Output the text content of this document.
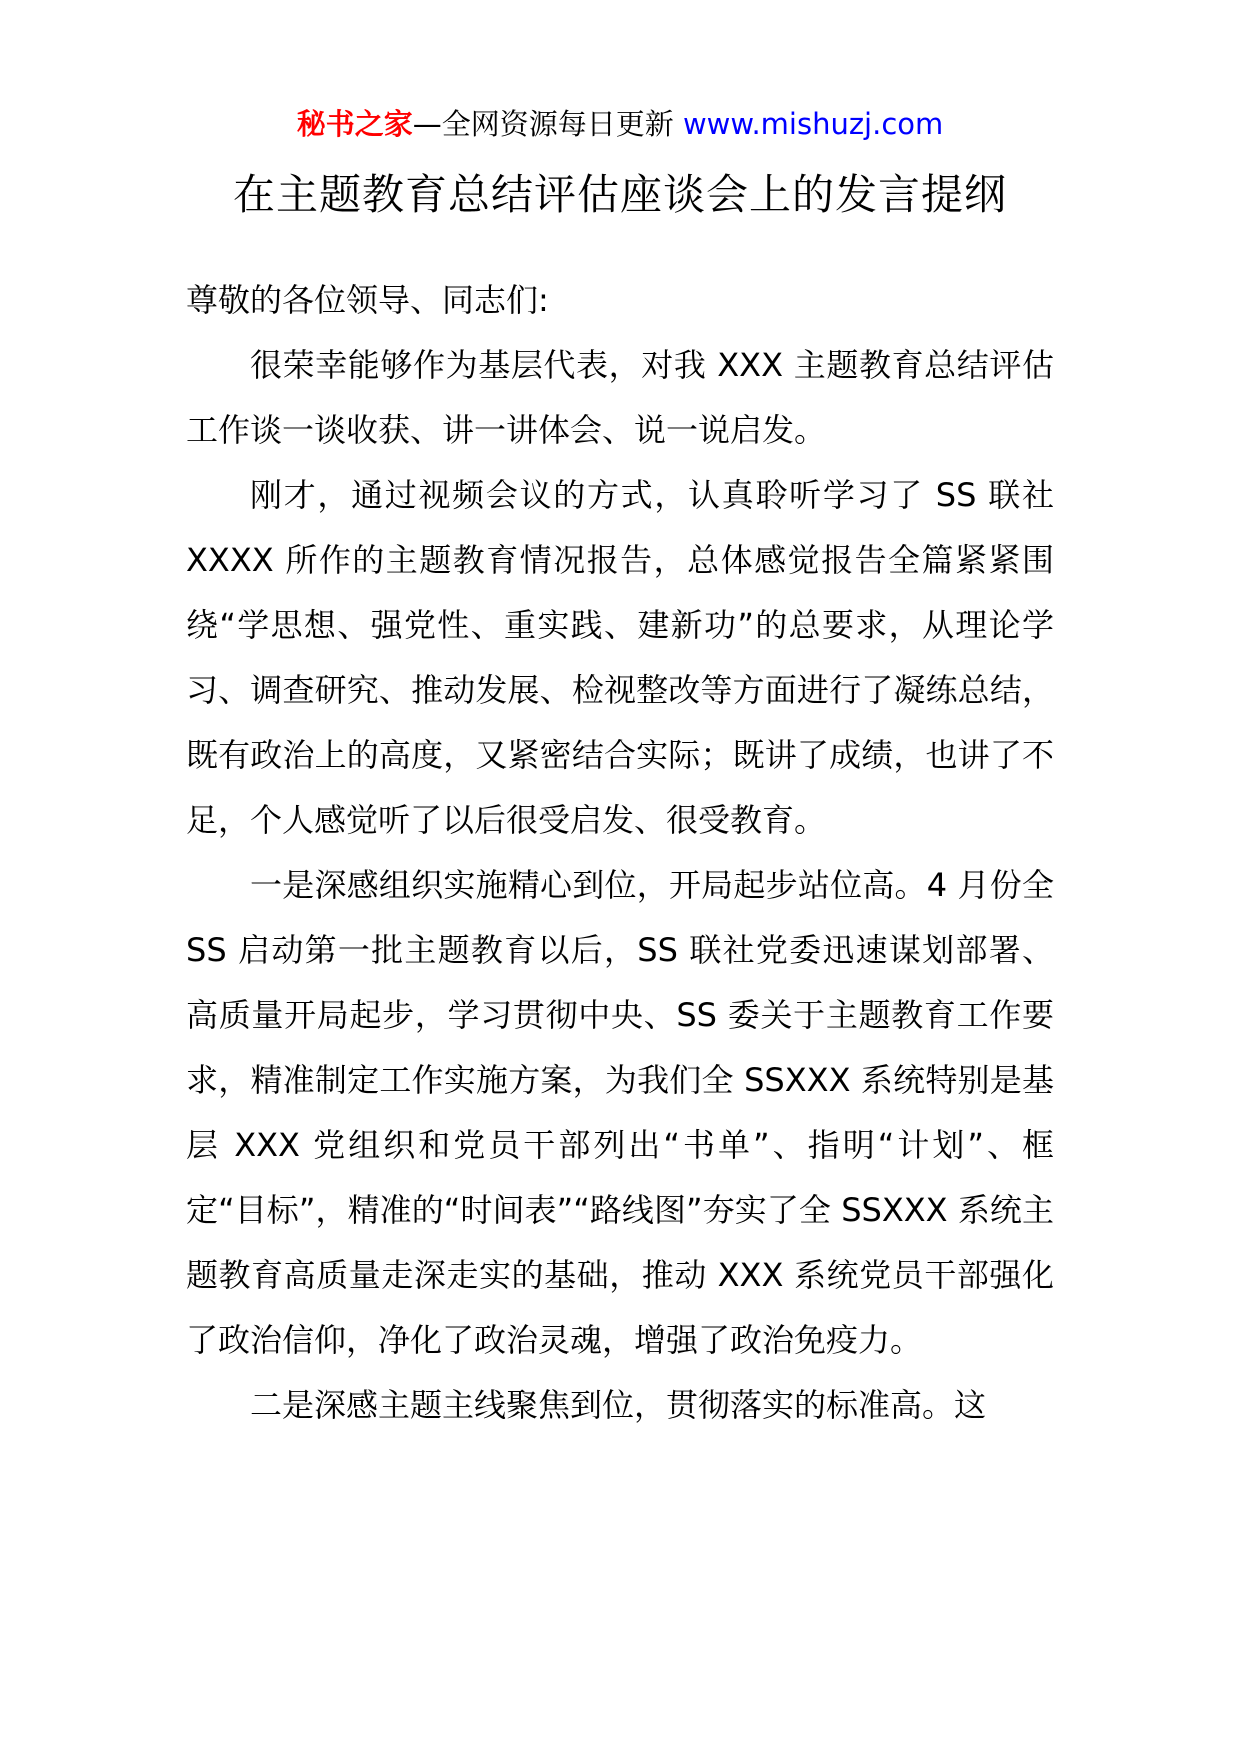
秘书之家—全网资源每日更新 www.mishuzj.com
在主题教育总结评估座谈会上的发言提纲

尊敬的各位领导、同志们:

很荣幸能够作为基层代表，对我 XXX 主题教育总结评估工作谈一谈收获、讲一讲体会、说一说启发。

刚才，通过视频会议的方式，认真聆听学习了 SS 联社 XXXX 所作的主题教育情况报告，总体感觉报告全篇紧紧围绕“学思想、强党性、重实践、建新功”的总要求，从理论学习、调查研究、推动发展、检视整改等方面进行了凝练总结，既有政治上的高度，又紧密结合实际；既讲了成绩，也讲了不足，个人感觉听了以后很受启发、很受教育。

一是深感组织实施精心到位，开局起步站位高。4 月份全 SS 启动第一批主题教育以后，SS 联社党委迅速谋划部署、高质量开局起步，学习贯彻中央、SS 委关于主题教育工作要求，精准制定工作实施方案，为我们全 SSXXX 系统特别是基层 XXX 党组织和党员干部列出“书单”、指明“计划”、框定“目标”，精准的“时间表”“路线图”夯实了全 SSXXX 系统主题教育高质量走深走实的基础，推动 XXX 系统党员干部强化了政治信仰，净化了政治灵魂，增强了政治免疫力。

二是深感主题主线聚焦到位，贯彻落实的标准高。这
